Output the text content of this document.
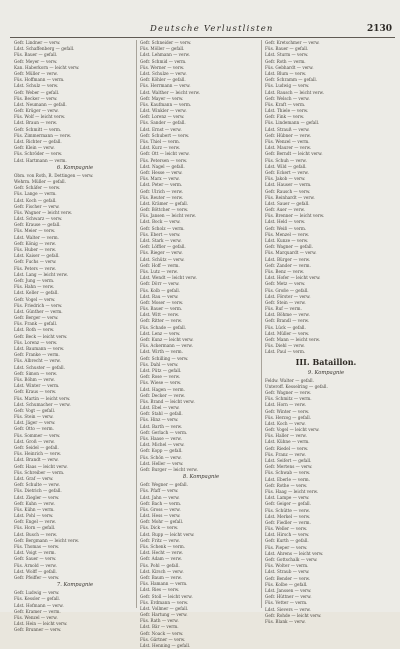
Deutsche Verlustlisten	2130
Gefr. Lindner — verw.
Ldst. Schaffenberg — gefall.
Füs. Bauer — gefall.
Gefr. Meyer — verw.
Kan. Haberkorn — leicht verw.
Gefr. Müller — verw.
Füs. Hoffmann — verm.
Ldst. Schulz — verw.
Gefr. Weber — gefall.
Füs. Becker — verw.
Ldst. Neumann — gefall.
Gefr. Krüger — verw.
Füs. Wolf — leicht verw.
Ldst. Braun — verw.
Gefr. Schmitt — verm.
Füs. Zimmermann — verw.
Ldst. Richter — gefall.
Gefr. Klein — verw.
Füs. Schröder — verw.
Ldst. Hartmann — verm.
6. Kompagnie
Obm. von Roth, R. Dettingen — verw.
Wehrm. Müller — gefall.
Gefr. Schäfer — verw.
Füs. Lange — verm.
Ldst. Koch — gefall.
Gefr. Fischer — verw.
Füs. Wagner — leicht verw.
Ldst. Schwarz — verw.
Gefr. Krause — gefall.
Füs. Meier — verw.
Ldst. Walter — verm.
Gefr. König — verw.
Füs. Huber — verw.
Ldst. Kaiser — gefall.
Gefr. Fuchs — verw.
Füs. Peters — verw.
Ldst. Lang — leicht verw.
Gefr. Jung — verm.
Füs. Hahn — verw.
Ldst. Keller — gefall.
Gefr. Vogel — verw.
Füs. Friedrich — verw.
Ldst. Günther — verm.
Gefr. Berger — verw.
Füs. Frank — gefall.
Ldst. Roth — verw.
Gefr. Beck — leicht verw.
Füs. Lorenz — verw.
Ldst. Baumann — verw.
Gefr. Franke — verm.
Füs. Albrecht — verw.
Ldst. Schuster — gefall.
Gefr. Simon — verw.
Füs. Böhm — verw.
Ldst. Winter — verm.
Gefr. Kraus — verw.
Füs. Martin — leicht verw.
Ldst. Schumacher — verw.
Gefr. Vogt — gefall.
Füs. Stein — verw.
Ldst. Jäger — verw.
Gefr. Otto — verm.
Füs. Sommer — verw.
Ldst. Groß — verw.
Gefr. Seidel — gefall.
Füs. Heinrich — verw.
Ldst. Brandt — verw.
Gefr. Haas — leicht verw.
Füs. Schreiber — verm.
Ldst. Graf — verw.
Gefr. Schulte — verw.
Füs. Dietrich — gefall.
Ldst. Ziegler — verw.
Gefr. Kuhn — verw.
Füs. Kühn — verm.
Ldst. Pohl — verw.
Gefr. Engel — verw.
Füs. Horn — gefall.
Ldst. Busch — verw.
Gefr. Bergmann — leicht verw.
Füs. Thomas — verw.
Ldst. Voigt — verm.
Gefr. Sauer — verw.
Füs. Arnold — verw.
Ldst. Wolff — gefall.
Gefr. Pfeiffer — verw.
7. Kompagnie
Gefr. Ludwig — verw.
Füs. Kessler — gefall.
Ldst. Hofmann — verw.
Gefr. Kramer — verm.
Füs. Wenzel — verw.
Ldst. Hein — leicht verw.
Gefr. Brunner — verw.
Gefr. Schneider — verw.
Füs. Möller — gefall.
Ldst. Lehmann — verw.
Gefr. Schmid — verm.
Füs. Werner — verw.
Ldst. Schulze — verw.
Gefr. Köhler — gefall.
Füs. Herrmann — verw.
Ldst. Walther — leicht verw.
Gefr. Mayer — verw.
Füs. Kaufmann — verm.
Ldst. Winkler — verw.
Gefr. Lorenz — verw.
Füs. Sander — gefall.
Ldst. Ernst — verw.
Gefr. Schubert — verw.
Füs. Thiel — verm.
Ldst. Kurz — verw.
Gefr. Ott — leicht verw.
Füs. Petersen — verw.
Ldst. Nagel — gefall.
Gefr. Hesse — verw.
Füs. Marx — verw.
Ldst. Peter — verm.
Gefr. Ulrich — verw.
Füs. Reuter — verw.
Ldst. Krämer — gefall.
Gefr. Böttcher — verw.
Füs. Jansen — leicht verw.
Ldst. Bock — verw.
Gefr. Scholz — verm.
Füs. Ebert — verw.
Ldst. Stark — verw.
Gefr. Löffler — gefall.
Füs. Rieger — verw.
Ldst. Schütz — verw.
Gefr. Hoff — verm.
Füs. Lutz — verw.
Ldst. Wendt — leicht verw.
Gefr. Dörr — verw.
Füs. Kolb — gefall.
Ldst. Rau — verw.
Gefr. Moser — verw.
Füs. Bauer — verm.
Ldst. Witt — verw.
Gefr. Ritter — verw.
Füs. Schade — gefall.
Ldst. Lenz — verw.
Gefr. Kunz — leicht verw.
Füs. Ackermann — verw.
Ldst. Wirth — verm.
Gefr. Schilling — verw.
Füs. Dahl — verw.
Ldst. Pütz — gefall.
Gefr. Rose — verw.
Füs. Wiese — verw.
Ldst. Hagen — verm.
Gefr. Decker — verw.
Füs. Brand — leicht verw.
Ldst. Ebel — verw.
Gefr. Stahl — gefall.
Füs. Hinz — verw.
Ldst. Barth — verw.
Gefr. Gerlach — verm.
Füs. Haase — verw.
Ldst. Michel — verw.
Gefr. Kopp — gefall.
Füs. Schön — verw.
Ldst. Heller — verw.
Gefr. Burger — leicht verw.
8. Kompagnie
Gefr. Wegner — gefall.
Füs. Pfaff — verw.
Ldst. Jahn — verw.
Gefr. Bach — verm.
Füs. Gross — verw.
Ldst. Hess — verw.
Gefr. Mohr — gefall.
Füs. Dick — verw.
Ldst. Rupp — leicht verw.
Gefr. Fritz — verw.
Füs. Schenk — verm.
Ldst. Hecht — verw.
Gefr. Adam — verw.
Füs. Pohl — gefall.
Ldst. Kirsch — verw.
Gefr. Baum — verw.
Füs. Hamann — verm.
Ldst. Ries — verw.
Gefr. Stoll — leicht verw.
Füs. Erdmann — verw.
Ldst. Vollmer — gefall.
Gefr. Hartung — verw.
Füs. Rath — verw.
Ldst. Bär — verm.
Gefr. Noack — verw.
Füs. Gärtner — verw.
Ldst. Henning — gefall.
Gefr. Kretschmer — verw.
Füs. Bauer — gefall.
Ldst. Sturm — verw.
Gefr. Roth — verm.
Füs. Gebhardt — verw.
Ldst. Blum — verw.
Gefr. Schramm — gefall.
Füs. Ludwig — verw.
Ldst. Rausch — leicht verw.
Gefr. Welsch — verw.
Füs. Kraft — verm.
Ldst. Thiele — verw.
Gefr. Fink — verw.
Füs. Lindemann — gefall.
Ldst. Strauß — verw.
Gefr. Hübner — verw.
Füs. Wenzel — verm.
Ldst. Maurer — verw.
Gefr. Berndt — leicht verw.
Füs. Schuh — verw.
Ldst. Wild — gefall.
Gefr. Eckert — verw.
Füs. Jakob — verw.
Ldst. Hauser — verm.
Gefr. Rausch — verw.
Füs. Reinhardt — verw.
Ldst. Sauer — gefall.
Gefr. Auer — verw.
Füs. Brenner — leicht verw.
Ldst. Held — verw.
Gefr. Weiß — verm.
Füs. Menzel — verw.
Ldst. Kunze — verw.
Gefr. Wagner — gefall.
Füs. Marquardt — verw.
Ldst. Bürger — verw.
Gefr. Zander — verm.
Füs. Benz — verw.
Ldst. Hofer — leicht verw.
Gefr. Metz — verw.
Füs. Große — gefall.
Ldst. Förster — verw.
Gefr. Stein — verw.
Füs. Ruf — verm.
Ldst. Böhme — verw.
Gefr. Brandl — verw.
Füs. Lück — gefall.
Ldst. Müller — verw.
Gefr. Mann — leicht verw.
Füs. Diehl — verw.
Ldst. Paul — verm.
III. Bataillon.
9. Kompagnie
Feldw. Walter — gefall.
Unteroff. Kesselring — gefall.
Gefr. Wagner — verw.
Füs. Schmitz — verm.
Ldst. Horn — verw.
Gefr. Winter — verw.
Füs. Herzog — gefall.
Ldst. Koch — verw.
Gefr. Vogel — leicht verw.
Füs. Haller — verw.
Ldst. Kühne — verm.
Gefr. Riedel — verw.
Füs. Franz — verw.
Ldst. Seifert — gefall.
Gefr. Mertens — verw.
Füs. Schwab — verw.
Ldst. Eberle — verm.
Gefr. Rothe — verw.
Füs. Haag — leicht verw.
Ldst. Lampe — verw.
Gefr. Geiger — gefall.
Füs. Schütte — verw.
Ldst. Merkel — verw.
Gefr. Fiedler — verm.
Füs. Weller — verw.
Ldst. Hirsch — verw.
Gefr. Kurth — gefall.
Füs. Pieper — verw.
Ldst. Ahrens — leicht verw.
Gefr. Gottschalk — verw.
Füs. Wolter — verm.
Ldst. Straub — verw.
Gefr. Bender — verw.
Füs. Kolbe — gefall.
Ldst. Janssen — verw.
Gefr. Hüttner — verw.
Füs. Vetter — verm.
Ldst. Sievers — verw.
Gefr. Rohde — leicht verw.
Füs. Blank — verw.
